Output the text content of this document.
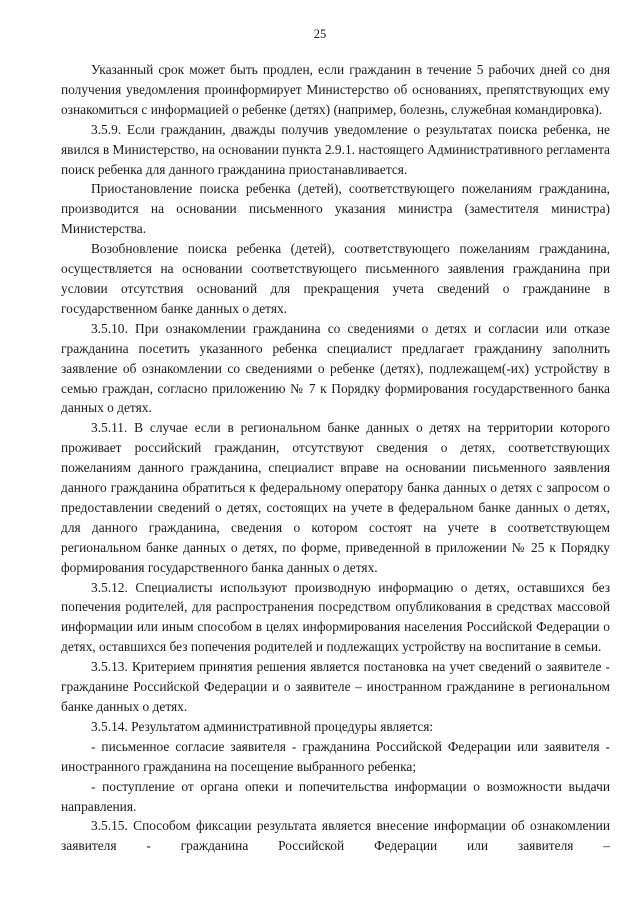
25

Указанный срок может быть продлен, если гражданин в течение 5 рабочих дней со дня получения уведомления проинформирует Министерство об основаниях, препятствующих ему ознакомиться с информацией о ребенке (детях) (например, болезнь, служебная командировка).

3.5.9. Если гражданин, дважды получив уведомление о результатах поиска ребенка, не явился в Министерство, на основании пункта 2.9.1. настоящего Административного регламента поиск ребенка для данного гражданина приостанавливается.

Приостановление поиска ребенка (детей), соответствующего пожеланиям гражданина, производится на основании письменного указания министра (заместителя министра) Министерства.

Возобновление поиска ребенка (детей), соответствующего пожеланиям гражданина, осуществляется на основании соответствующего письменного заявления гражданина при условии отсутствия оснований для прекращения учета сведений о гражданине в государственном банке данных о детях.

3.5.10. При ознакомлении гражданина со сведениями о детях и согласии или отказе гражданина посетить указанного ребенка специалист предлагает гражданину заполнить заявление об ознакомлении со сведениями о ребенке (детях), подлежащем(-их) устройству в семью граждан, согласно приложению № 7 к Порядку формирования государственного банка данных о детях.

3.5.11. В случае если в региональном банке данных о детях на территории которого проживает российский гражданин, отсутствуют сведения о детях, соответствующих пожеланиям данного гражданина, специалист вправе на основании письменного заявления данного гражданина обратиться к федеральному оператору банка данных о детях с запросом о предоставлении сведений о детях, состоящих на учете в федеральном банке данных о детях, для данного гражданина, сведения о котором состоят на учете в соответствующем региональном банке данных о детях, по форме, приведенной в приложении № 25 к Порядку формирования государственного банка данных о детях.

3.5.12. Специалисты используют производную информацию о детях, оставшихся без попечения родителей, для распространения посредством опубликования в средствах массовой информации или иным способом в целях информирования населения Российской Федерации о детях, оставшихся без попечения родителей и подлежащих устройству на воспитание в семьи.

3.5.13. Критерием принятия решения является постановка на учет сведений о заявителе - гражданине Российской Федерации и о заявителе – иностранном гражданине в региональном банке данных о детях.

3.5.14. Результатом административной процедуры является:

- письменное согласие заявителя - гражданина Российской Федерации или заявителя - иностранного гражданина на посещение выбранного ребенка;

- поступление от органа опеки и попечительства информации о возможности выдачи направления.

3.5.15. Способом фиксации результата является внесение информации об ознакомлении заявителя - гражданина Российской Федерации или заявителя –
